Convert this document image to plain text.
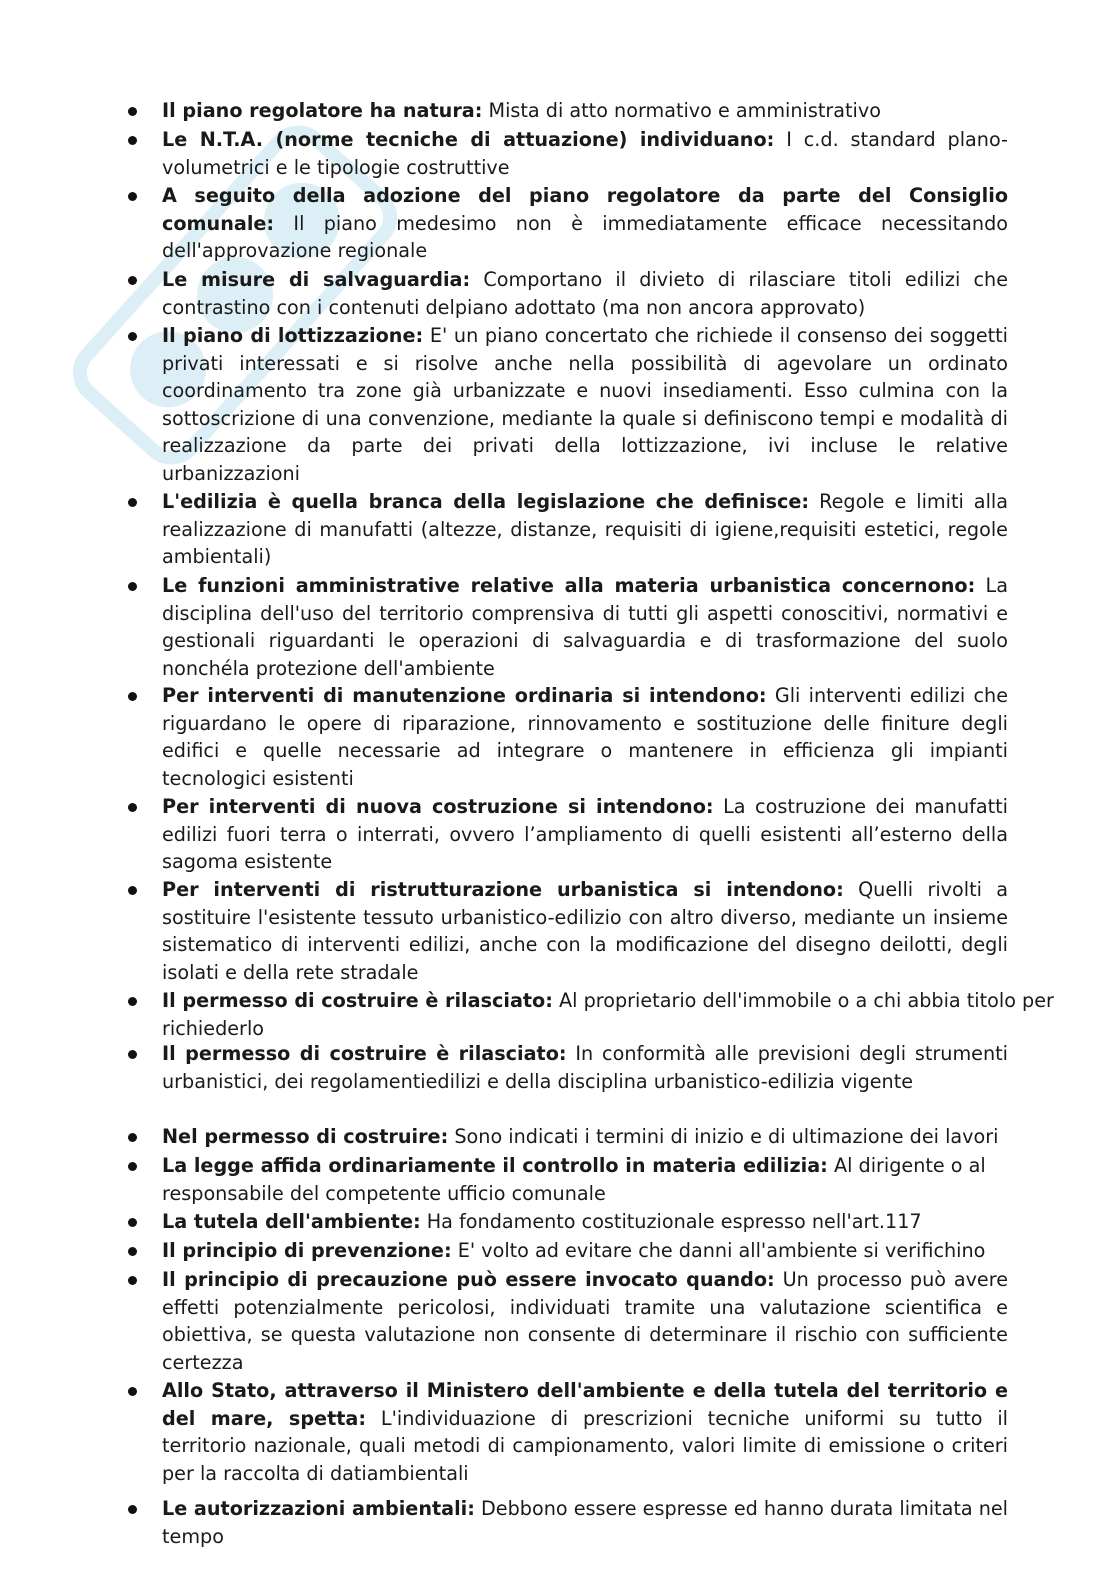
Il piano regolatore ha natura: Mista di atto normativo e amministrativo
Le N.T.A. (norme tecniche di attuazione) individuano: I c.d. standard plano-volumetrici e le tipologie costruttive
A seguito della adozione del piano regolatore da parte del Consiglio comunale: Il piano medesimo non è immediatamente efficace necessitando dell'approvazione regionale
Le misure di salvaguardia: Comportano il divieto di rilasciare titoli edilizi che contrastino con i contenuti delpiano adottato (ma non ancora approvato)
Il piano di lottizzazione: E' un piano concertato che richiede il consenso dei soggetti privati interessati e si risolve anche nella possibilità di agevolare un ordinato coordinamento tra zone già urbanizzate e nuovi insediamenti. Esso culmina con la sottoscrizione di una convenzione, mediante la quale si definiscono tempi e modalità di realizzazione da parte dei privati della lottizzazione, ivi incluse le relative urbanizzazioni
L'edilizia è quella branca della legislazione che definisce: Regole e limiti alla realizzazione di manufatti (altezze, distanze, requisiti di igiene,requisiti estetici, regole ambientali)
Le funzioni amministrative relative alla materia urbanistica concernono: La disciplina dell'uso del territorio comprensiva di tutti gli aspetti conoscitivi, normativi e gestionali riguardanti le operazioni di salvaguardia e di trasformazione del suolo nonchéla protezione dell'ambiente
Per interventi di manutenzione ordinaria si intendono: Gli interventi edilizi che riguardano le opere di riparazione, rinnovamento e sostituzione delle finiture degli edifici e quelle necessarie ad integrare o mantenere in efficienza gli impianti tecnologici esistenti
Per interventi di nuova costruzione si intendono: La costruzione dei manufatti edilizi fuori terra o interrati, ovvero l’ampliamento di quelli esistenti all’esterno della sagoma esistente
Per interventi di ristrutturazione urbanistica si intendono: Quelli rivolti a sostituire l'esistente tessuto urbanistico-edilizio con altro diverso, mediante un insieme sistematico di interventi edilizi, anche con la modificazione del disegno deilotti, degli isolati e della rete stradale
Il permesso di costruire è rilasciato: Al proprietario dell'immobile o a chi abbia titolo per richiederlo
Il permesso di costruire è rilasciato: In conformità alle previsioni degli strumenti urbanistici, dei regolamentiedilizi e della disciplina urbanistico-edilizia vigente
Nel permesso di costruire: Sono indicati i termini di inizio e di ultimazione dei lavori
La legge affida ordinariamente il controllo in materia edilizia: Al dirigente o al responsabile del competente ufficio comunale
La tutela dell'ambiente: Ha fondamento costituzionale espresso nell'art.117
Il principio di prevenzione: E' volto ad evitare che danni all'ambiente si verifichino
Il principio di precauzione può essere invocato quando: Un processo può avere effetti potenzialmente pericolosi, individuati tramite una valutazione scientifica e obiettiva, se questa valutazione non consente di determinare il rischio con sufficiente certezza
Allo Stato, attraverso il Ministero dell'ambiente e della tutela del territorio e del mare, spetta: L'individuazione di prescrizioni tecniche uniformi su tutto il territorio nazionale, quali metodi di campionamento, valori limite di emissione o criteri per la raccolta di datiambientali
Le autorizzazioni ambientali: Debbono essere espresse ed hanno durata limitata nel tempo
